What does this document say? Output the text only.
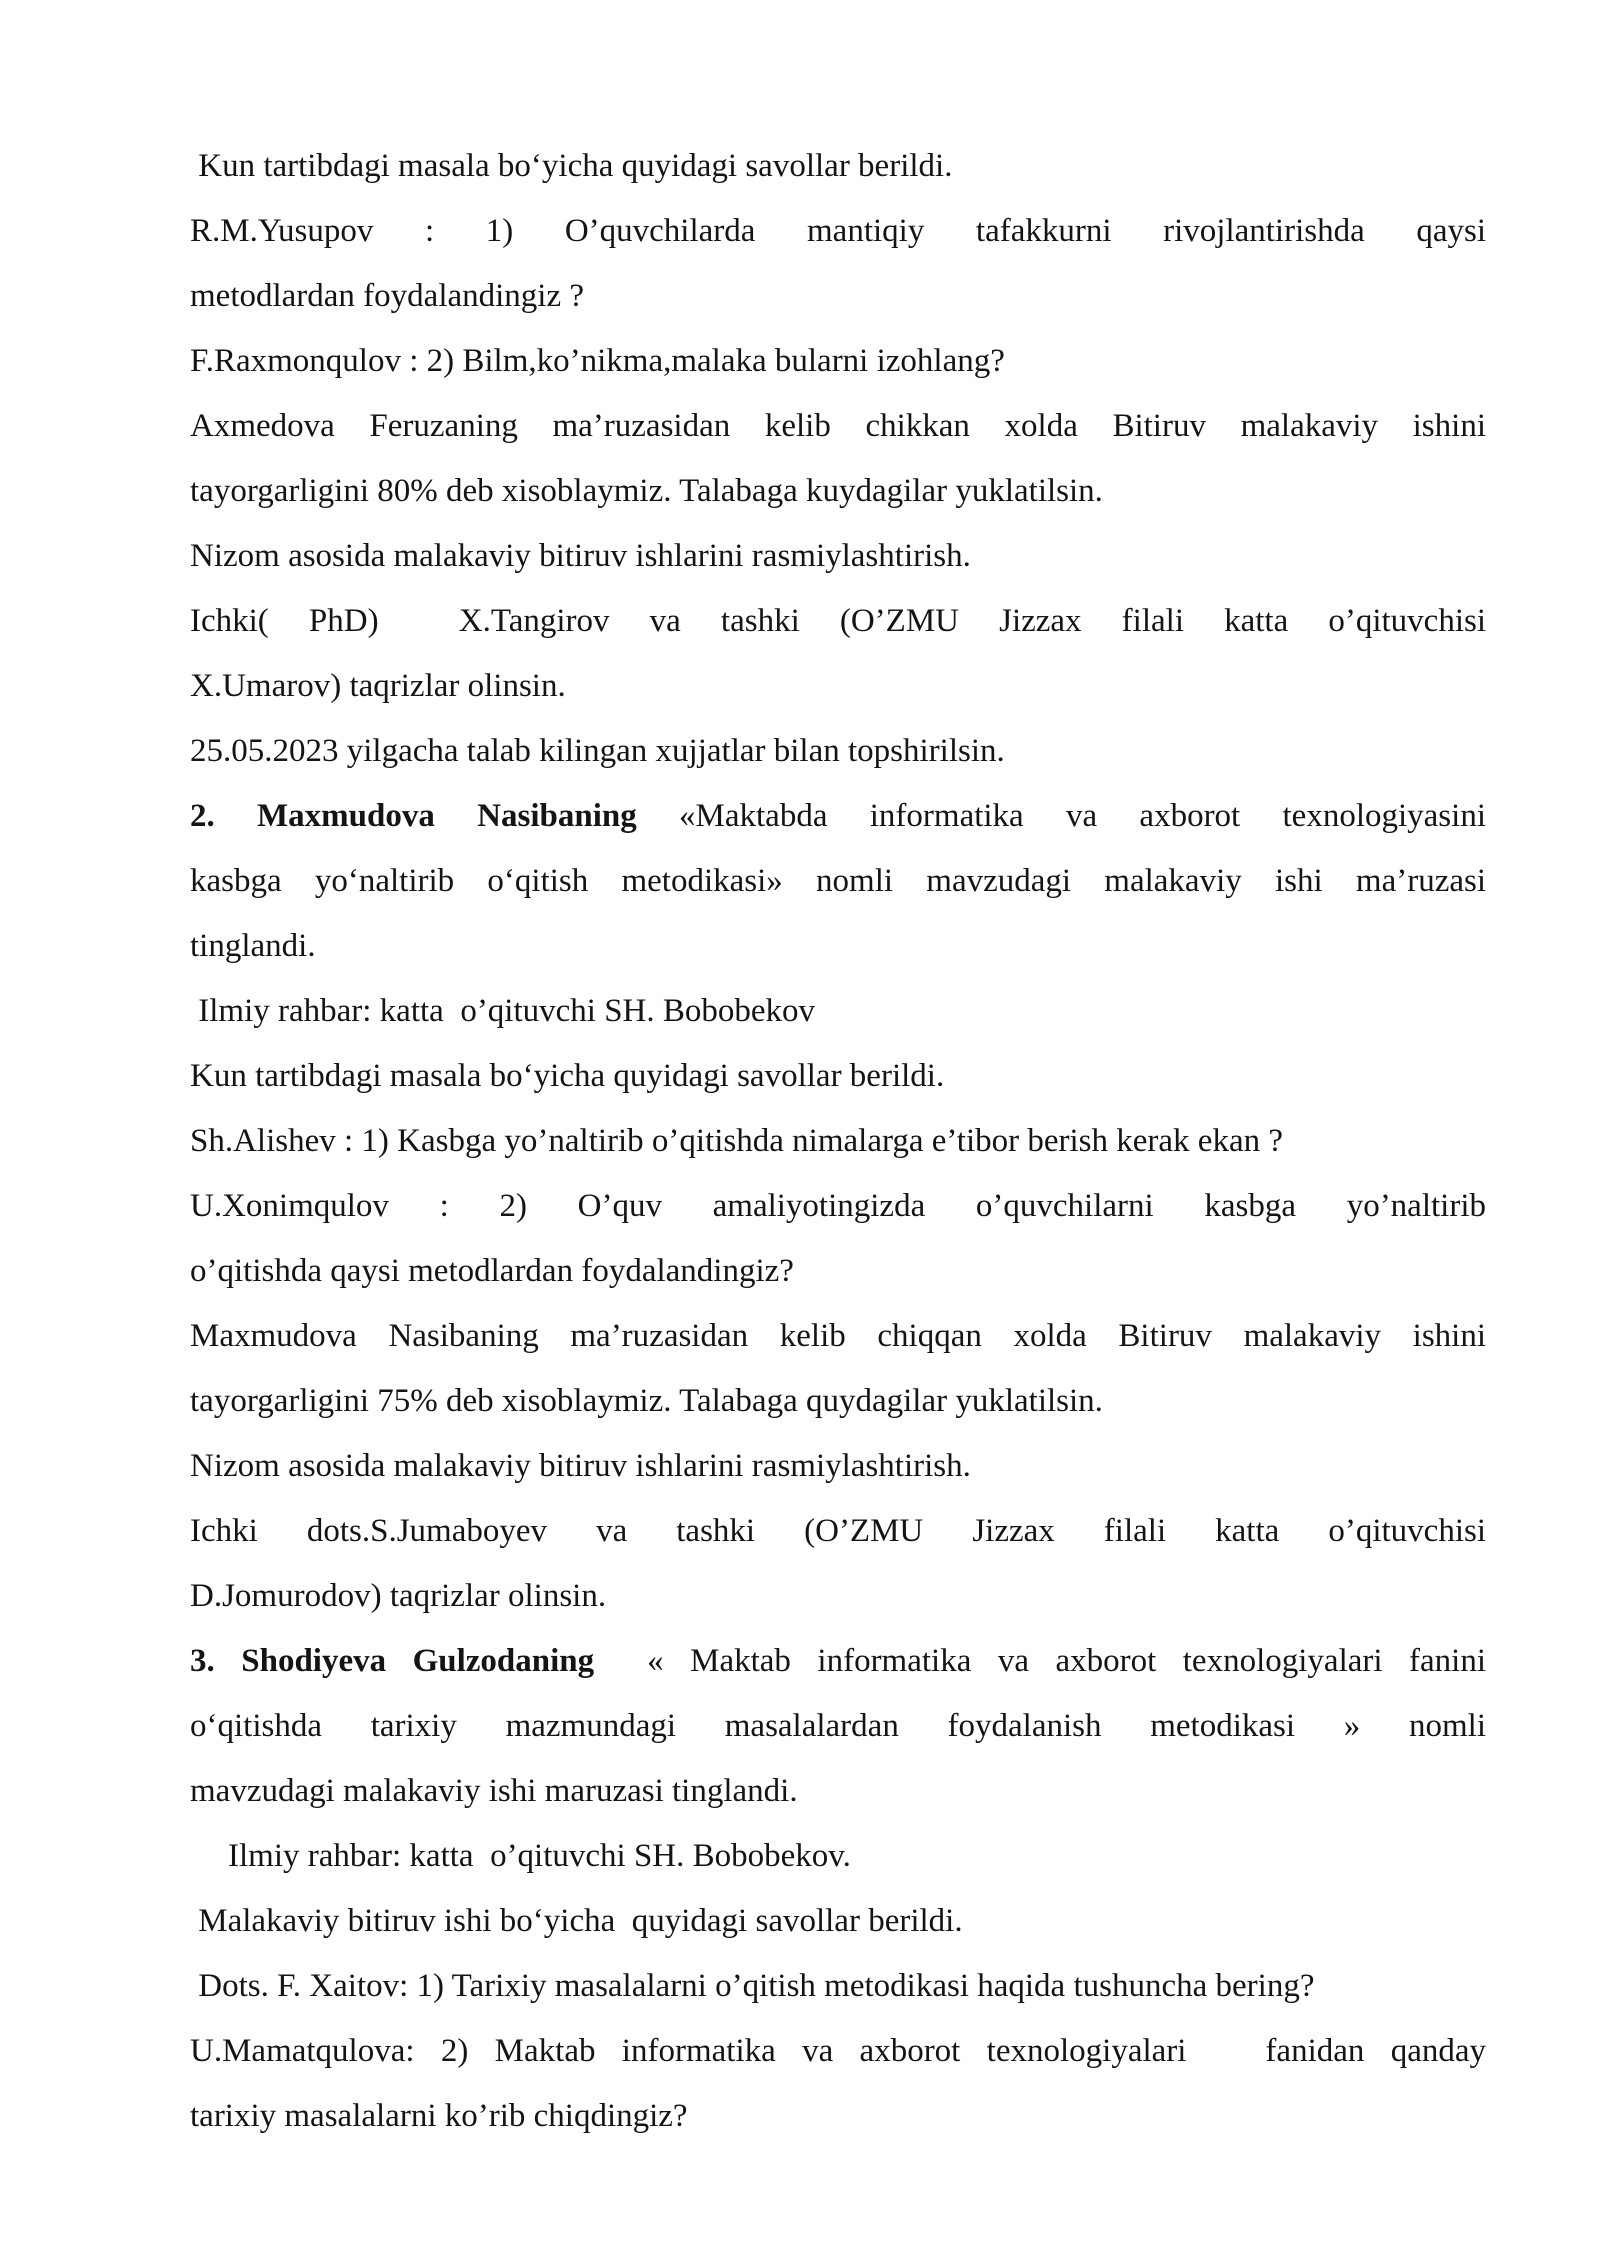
Kun tartibdagi masala bo‘yicha quyidagi savollar berildi.
R.M.Yusupov : 1) O’quvchilarda mantiqiy tafakkurni rivojlantirishda qaysi
metodlardan foydalandingiz ?
F.Raxmonqulov : 2) Bilm,ko’nikma,malaka bularni izohlang?
Axmedova Feruzaning ma’ruzasidan kelib chikkan xolda Bitiruv malakaviy ishini
tayorgarligini 80% deb xisoblaymiz. Talabaga kuydagilar yuklatilsin.
Nizom asosida malakaviy bitiruv ishlarini rasmiylashtirish.
Ichki( PhD)  X.Tangirov va tashki (O’ZMU Jizzax filali katta o’qituvchisi
X.Umarov) taqrizlar olinsin.
25.05.2023 yilgacha talab kilingan xujjatlar bilan topshirilsin.
2. Maxmudova Nasibaning «Maktabda informatika va axborot texnologiyasini
kasbga yo‘naltirib o‘qitish metodikasi» nomli mavzudagi malakaviy ishi ma’ruzasi
tinglandi.
Ilmiy rahbar: katta  o’qituvchi SH. Bobobekov
Kun tartibdagi masala bo‘yicha quyidagi savollar berildi.
Sh.Alishev : 1) Kasbga yo’naltirib o’qitishda nimalarga e’tibor berish kerak ekan ?
U.Xonimqulov : 2) O’quv amaliyotingizda o’quvchilarni kasbga yo’naltirib
o’qitishda qaysi metodlardan foydalandingiz?
Maxmudova Nasibaning ma’ruzasidan kelib chiqqan xolda Bitiruv malakaviy ishini
tayorgarligini 75% deb xisoblaymiz. Talabaga quydagilar yuklatilsin.
Nizom asosida malakaviy bitiruv ishlarini rasmiylashtirish.
Ichki dots.S.Jumaboyev va tashki (O’ZMU Jizzax filali katta o’qituvchisi
D.Jomurodov) taqrizlar olinsin.
3. Shodiyeva Gulzodaning  « Maktab informatika va axborot texnologiyalari fanini
o‘qitishda tarixiy mazmundagi masalalardan foydalanish metodikasi » nomli
mavzudagi malakaviy ishi maruzasi tinglandi.
Ilmiy rahbar: katta  o’qituvchi SH. Bobobekov.
Malakaviy bitiruv ishi bo‘yicha  quyidagi savollar berildi.
Dots. F. Xaitov: 1) Tarixiy masalalarni o’qitish metodikasi haqida tushuncha bering?
U.Mamatqulova: 2) Maktab informatika va axborot texnologiyalari   fanidan qanday
tarixiy masalalarni ko’rib chiqdingiz?
